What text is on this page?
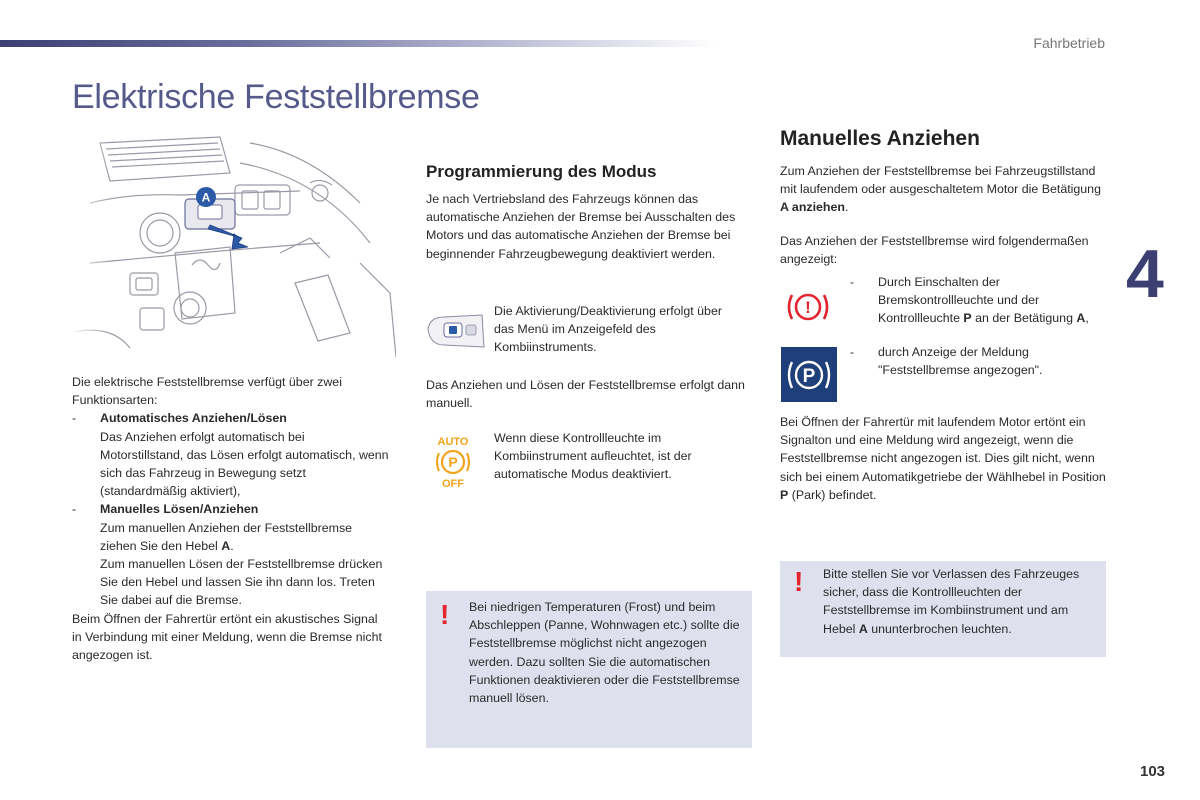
Fahrbetrieb
Elektrische Feststellbremse
4
103

Die elektrische Feststellbremse verfügt über zwei Funktionsarten:

-	Automatisches Anziehen/Lösen

Das Anziehen erfolgt automatisch bei Motorstillstand, das Lösen erfolgt automatisch, wenn sich das Fahrzeug in Bewegung setzt (standardmäßig aktiviert),

-	Manuelles Lösen/Anziehen

Zum manuellen Anziehen der Feststellbremse ziehen Sie den Hebel A.

Zum manuellen Lösen der Feststellbremse drücken Sie den Hebel und lassen Sie ihn dann los. Treten Sie dabei auf die Bremse.

Beim Öffnen der Fahrertür ertönt ein akustisches Signal in Verbindung mit einer Meldung, wenn die Bremse nicht angezogen ist.

Programmierung des Modus

Je nach Vertriebsland des Fahrzeugs können das automatische Anziehen der Bremse bei Ausschalten des Motors und das automatische Anziehen der Bremse bei beginnender Fahrzeugbewegung deaktiviert werden.

Die Aktivierung/Deaktivierung erfolgt über das Menü im Anzeigefeld des Kombiinstruments.

Das Anziehen und Lösen der Feststellbremse erfolgt dann manuell.

AUTO
P
OFF

Wenn diese Kontrollleuchte im Kombiinstrument aufleuchtet, ist der automatische Modus deaktiviert.

! Bei niedrigen Temperaturen (Frost) und beim Abschleppen (Panne, Wohnwagen etc.) sollte die Feststellbremse möglichst nicht angezogen werden. Dazu sollten Sie die automatischen Funktionen deaktivieren oder die Feststellbremse manuell lösen.

Manuelles Anziehen

Zum Anziehen der Feststellbremse bei Fahrzeugstillstand mit laufendem oder ausgeschaltetem Motor die Betätigung A anziehen.

Das Anziehen der Feststellbremse wird folgendermaßen angezeigt:

!
-	Durch Einschalten der Bremskontrollleuchte und der Kontrollleuchte P an der Betätigung A,

P
-	durch Anzeige der Meldung "Feststellbremse angezogen".

Bei Öffnen der Fahrertür mit laufendem Motor ertönt ein Signalton und eine Meldung wird angezeigt, wenn die Feststellbremse nicht angezogen ist. Dies gilt nicht, wenn sich bei einem Automatikgetriebe der Wählhebel in Position P (Park) befindet.

! Bitte stellen Sie vor Verlassen des Fahrzeuges sicher, dass die Kontrollleuchten der Feststellbremse im Kombiinstrument und am Hebel A ununterbrochen leuchten.
